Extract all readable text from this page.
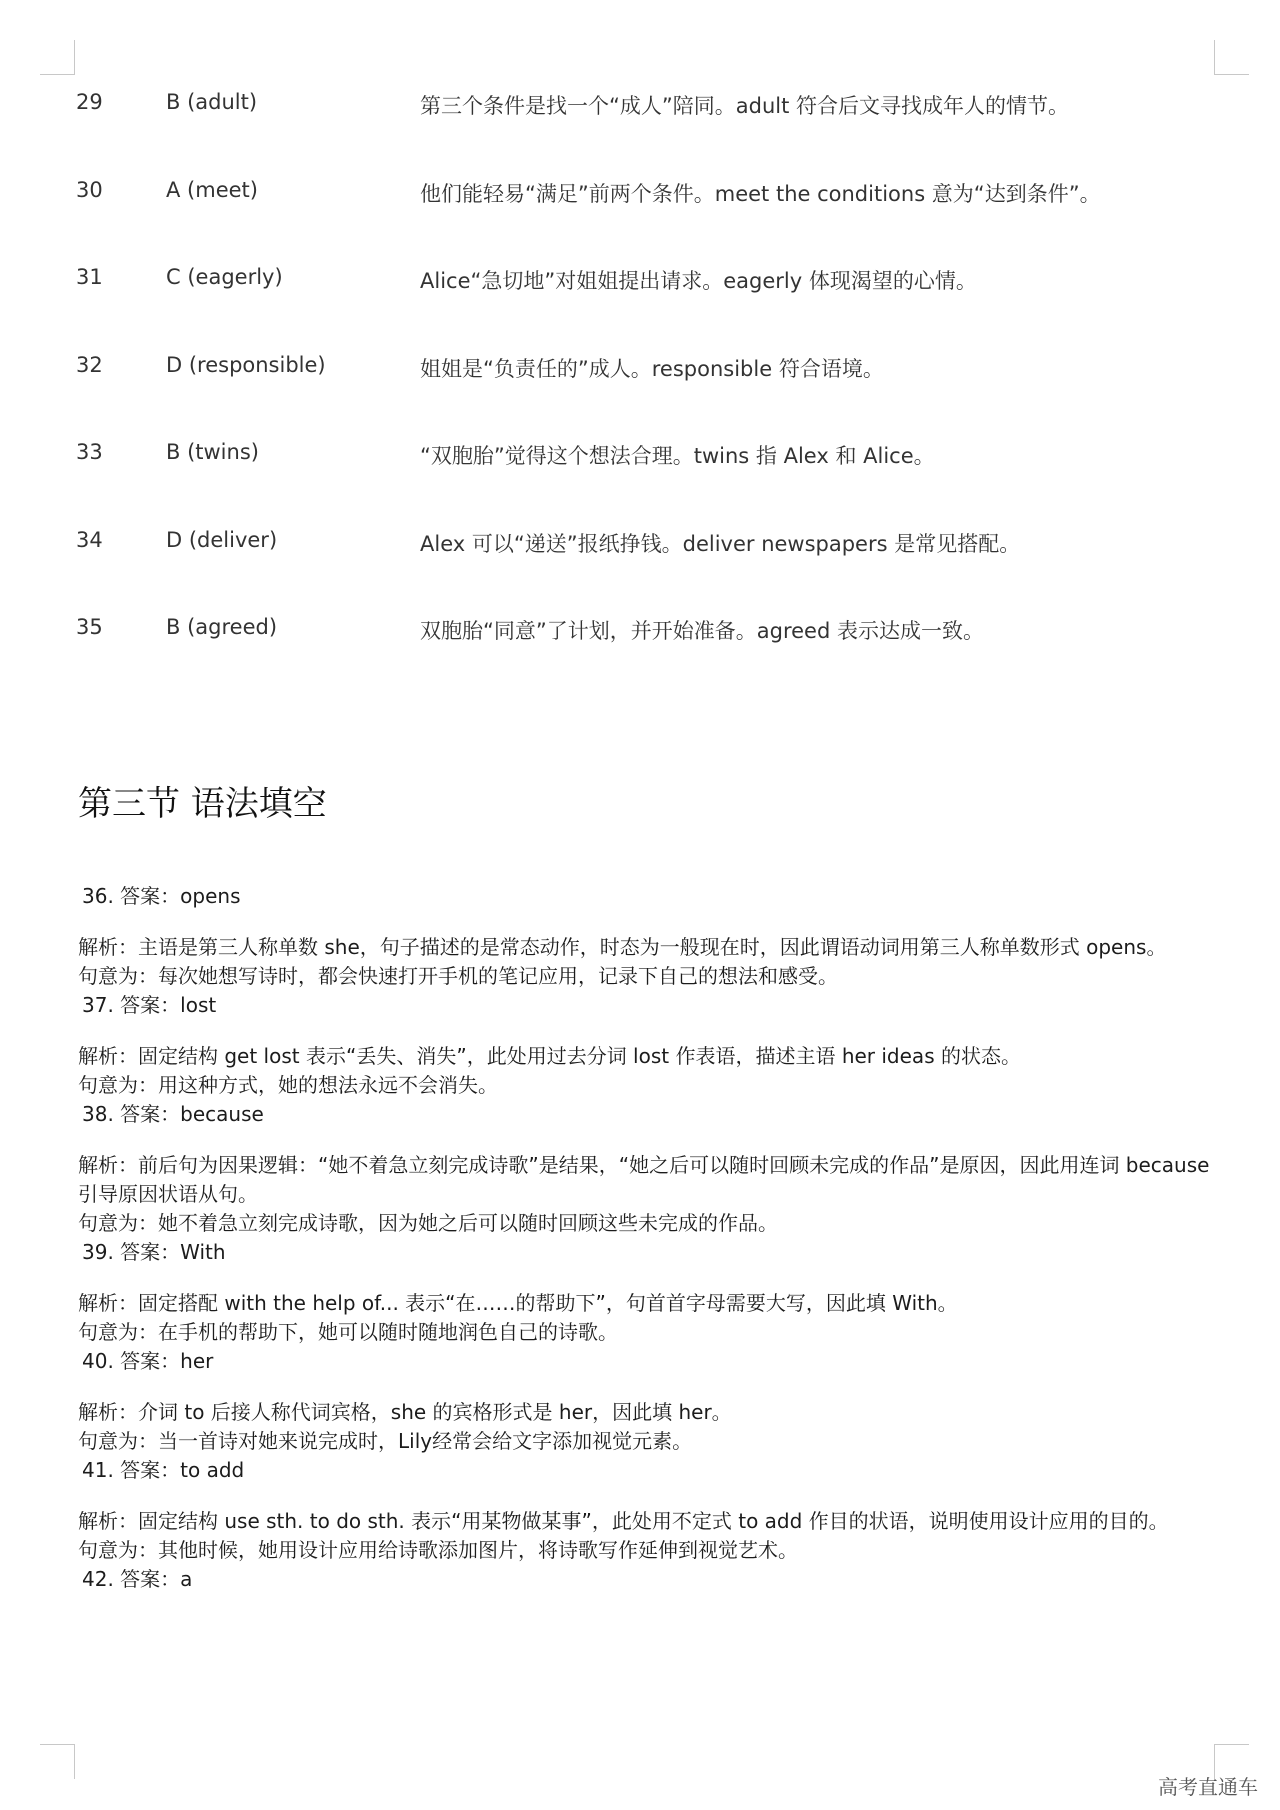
29	B (adult)	第三个条件是找一个“成人”陪同。adult 符合后文寻找成年人的情节。
30	A (meet)	他们能轻易“满足”前两个条件。meet the conditions 意为“达到条件”。
31	C (eagerly)	Alice“急切地”对姐姐提出请求。eagerly 体现渴望的心情。
32	D (responsible)	姐姐是“负责任的”成人。responsible 符合语境。
33	B (twins)	“双胞胎”觉得这个想法合理。twins 指 Alex 和 Alice。
34	D (deliver)	Alex 可以“递送”报纸挣钱。deliver newspapers 是常见搭配。
35	B (agreed)	双胞胎“同意”了计划，并开始准备。agreed 表示达成一致。
第三节 语法填空
36. 答案：opens
解析：主语是第三人称单数 she，句子描述的是常态动作，时态为一般现在时，因此谓语动词用第三人称单数形式 opens。
句意为：每次她想写诗时，都会快速打开手机的笔记应用，记录下自己的想法和感受。
37. 答案：lost
解析：固定结构 get lost 表示“丢失、消失”，此处用过去分词 lost 作表语，描述主语 her ideas 的状态。
句意为：用这种方式，她的想法永远不会消失。
38. 答案：because
解析：前后句为因果逻辑：“她不着急立刻完成诗歌”是结果，“她之后可以随时回顾未完成的作品”是原因，因此用连词 because 引导原因状语从句。
句意为：她不着急立刻完成诗歌，因为她之后可以随时回顾这些未完成的作品。
39. 答案：With
解析：固定搭配 with the help of... 表示“在……的帮助下”，句首首字母需要大写，因此填 With。
句意为：在手机的帮助下，她可以随时随地润色自己的诗歌。
40. 答案：her
解析：介词 to 后接人称代词宾格，she 的宾格形式是 her，因此填 her。
句意为：当一首诗对她来说完成时，Lily经常会给文字添加视觉元素。
41. 答案：to add
解析：固定结构 use sth. to do sth. 表示“用某物做某事”，此处用不定式 to add 作目的状语，说明使用设计应用的目的。
句意为：其他时候，她用设计应用给诗歌添加图片，将诗歌写作延伸到视觉艺术。
42. 答案：a
高考直通车
